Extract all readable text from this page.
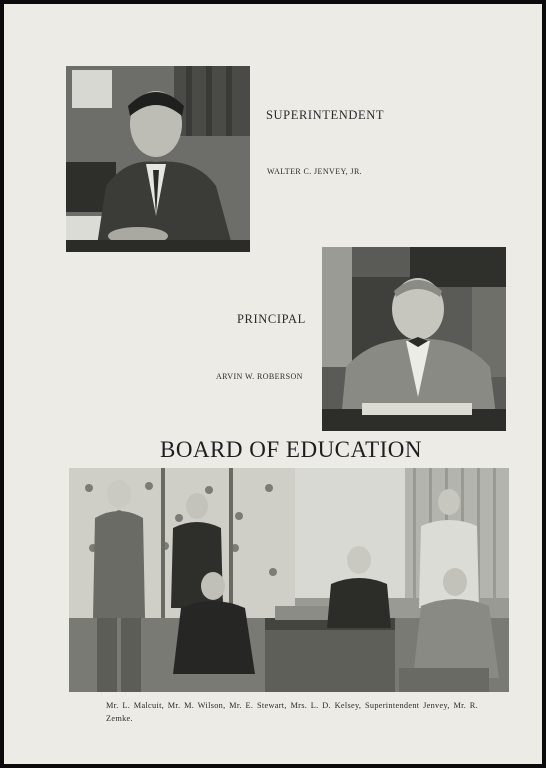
SUPERINTENDENT
WALTER C. JENVEY, JR.
PRINCIPAL
ARVIN W. ROBERSON
BOARD OF EDUCATION
Mr. L. Malcuit, Mr. M. Wilson, Mr. E. Stewart, Mrs. L. D. Kelsey, Superintendent Jenvey, Mr. R. Zemke.
